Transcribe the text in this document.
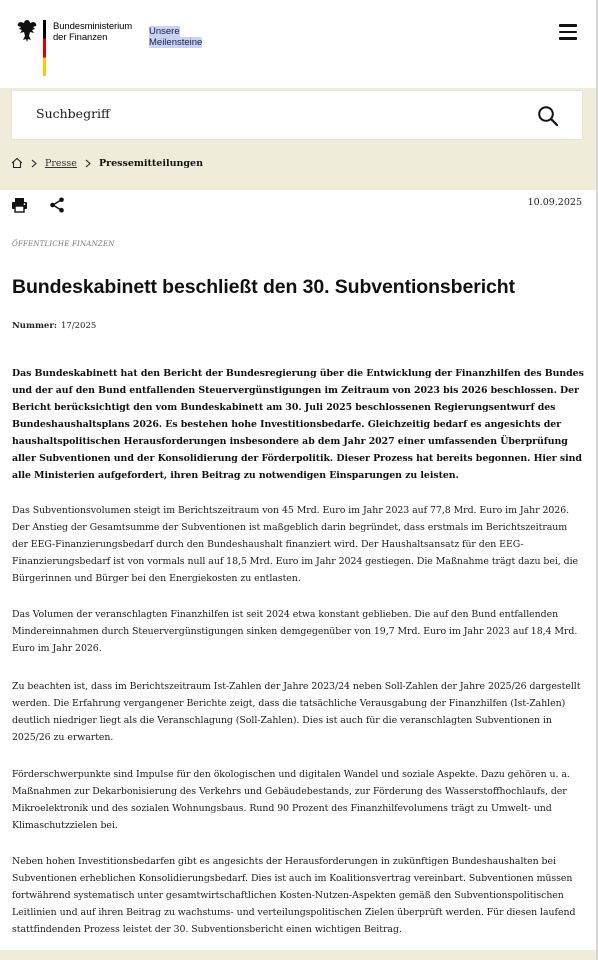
Bundesministerium
der Finanzen
Unsere
Meilensteine
Suchbegriff
Presse Pressemitteilungen
10.09.2025
ÖFFENTLICHE FINANZEN
Bundeskabinett beschließt den 30. Subventionsbericht
Nummer: 17/2025

Das Bundeskabinett hat den Bericht der Bundesregierung über die Entwicklung der Finanzhilfen des Bundes und der auf den Bund entfallenden Steuervergünstigungen im Zeitraum von 2023 bis 2026 beschlossen. Der Bericht berücksichtigt den vom Bundeskabinett am 30. Juli 2025 beschlossenen Regierungsentwurf des Bundeshaushaltsplans 2026. Es bestehen hohe Investitionsbedarfe. Gleichzeitig bedarf es angesichts der haushaltspolitischen Herausforderungen insbesondere ab dem Jahr 2027 einer umfassenden Überprüfung aller Subventionen und der Konsolidierung der Förderpolitik. Dieser Prozess hat bereits begonnen. Hier sind alle Ministerien aufgefordert, ihren Beitrag zu notwendigen Einsparungen zu leisten.

Das Subventionsvolumen steigt im Berichtszeitraum von 45 Mrd. Euro im Jahr 2023 auf 77,8 Mrd. Euro im Jahr 2026. Der Anstieg der Gesamtsumme der Subventionen ist maßgeblich darin begründet, dass erstmals im Berichtszeitraum der EEG-Finanzierungsbedarf durch den Bundeshaushalt finanziert wird. Der Haushaltsansatz für den EEG-Finanzierungsbedarf ist von vormals null auf 18,5 Mrd. Euro im Jahr 2024 gestiegen. Die Maßnahme trägt dazu bei, die Bürgerinnen und Bürger bei den Energiekosten zu entlasten.

Das Volumen der veranschlagten Finanzhilfen ist seit 2024 etwa konstant geblieben. Die auf den Bund entfallenden Mindereinnahmen durch Steuervergünstigungen sinken demgegenüber von 19,7 Mrd. Euro im Jahr 2023 auf 18,4 Mrd. Euro im Jahr 2026.

Zu beachten ist, dass im Berichtszeitraum Ist-Zahlen der Jahre 2023/24 neben Soll-Zahlen der Jahre 2025/26 dargestellt werden. Die Erfahrung vergangener Berichte zeigt, dass die tatsächliche Verausgabung der Finanzhilfen (Ist-Zahlen) deutlich niedriger liegt als die Veranschlagung (Soll-Zahlen). Dies ist auch für die veranschlagten Subventionen in 2025/26 zu erwarten.

Förderschwerpunkte sind Impulse für den ökologischen und digitalen Wandel und soziale Aspekte. Dazu gehören u. a. Maßnahmen zur Dekarbonisierung des Verkehrs und Gebäudebestands, zur Förderung des Wasserstoffhochlaufs, der Mikroelektronik und des sozialen Wohnungsbaus. Rund 90 Prozent des Finanzhilfevolumens trägt zu Umwelt- und Klimaschutzzielen bei.

Neben hohen Investitionsbedarfen gibt es angesichts der Herausforderungen in zukünftigen Bundeshaushalten bei Subventionen erheblichen Konsolidierungsbedarf. Dies ist auch im Koalitionsvertrag vereinbart. Subventionen müssen fortwährend systematisch unter gesamtwirtschaftlichen Kosten-Nutzen-Aspekten gemäß den Subventionspolitischen Leitlinien und auf ihren Beitrag zu wachstums- und verteilungspolitischen Zielen überprüft werden. Für diesen laufend stattfindenden Prozess leistet der 30. Subventionsbericht einen wichtigen Beitrag.
